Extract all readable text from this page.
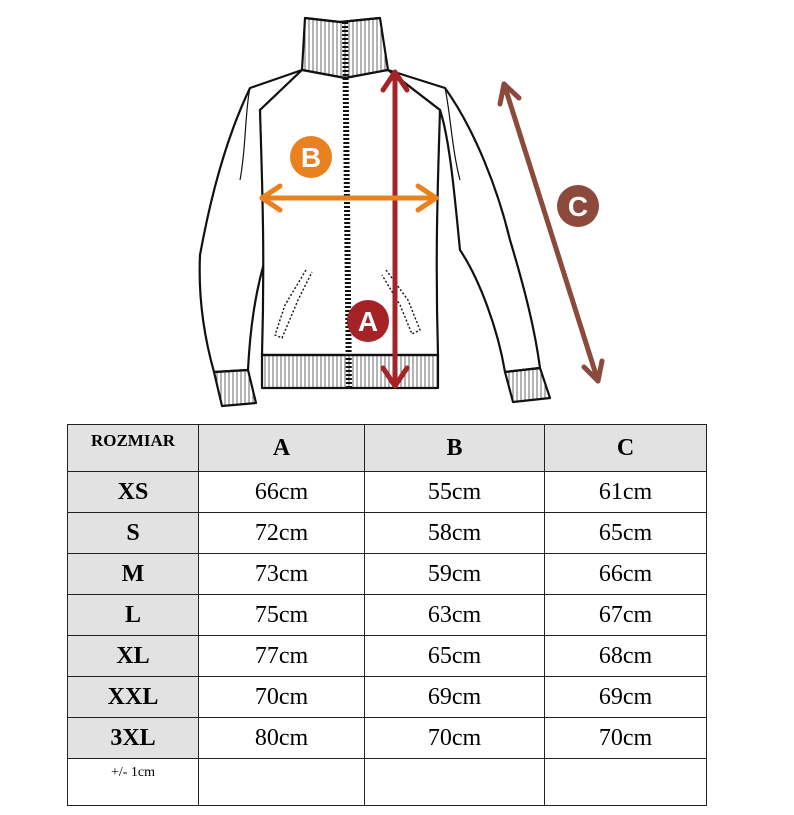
A
B
C
ROZMIAR	A	B	C
XS	66cm	55cm	61cm
S	72cm	58cm	65cm
M	73cm	59cm	66cm
L	75cm	63cm	67cm
XL	77cm	65cm	68cm
XXL	70cm	69cm	69cm
3XL	80cm	70cm	70cm
+/- 1cm			
